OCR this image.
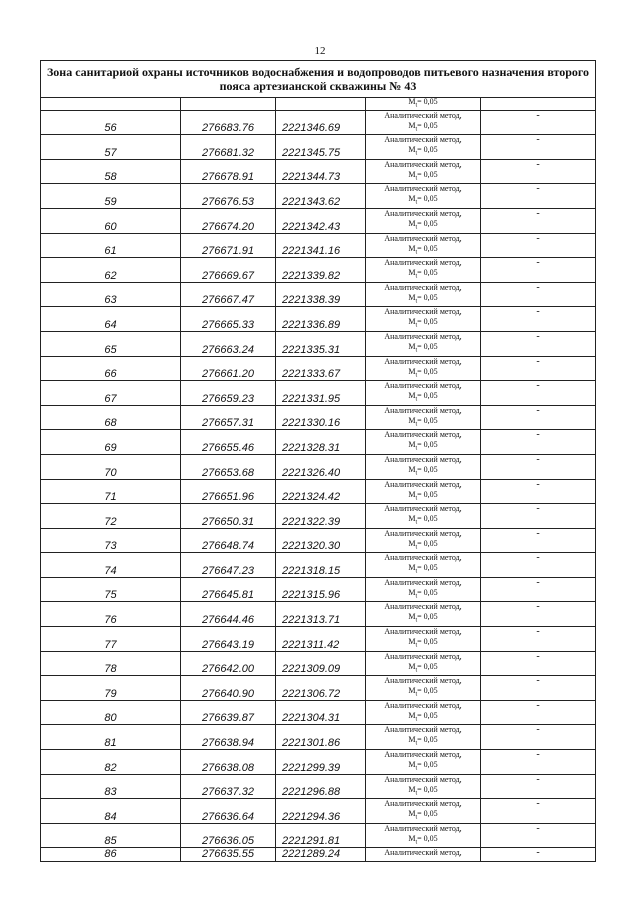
12
Зона санитариой охраны источников водоснабжения и водопроводов питьевого назначения второго пояса артезианской скважины № 43				

			$M_t= 0,05$	

56	276683.76	2221346.69	Аналитический метод,
$M_t= 0,05$	-
57	276681.32	2221345.75	Аналитический метод,
$M_t= 0,05$	-
58	276678.91	2221344.73	Аналитический метод,
$M_t= 0,05$	-
59	276676.53	2221343.62	Аналитический метод,
$M_t= 0,05$	-
60	276674.20	2221342.43	Аналитический метод,
$M_t= 0,05$	-
61	276671.91	2221341.16	Аналитический метод,
$M_t= 0,05$	-
62	276669.67	2221339.82	Аналитический метод,
$M_t= 0,05$	-
63	276667.47	2221338.39	Аналитический метод,
$M_t= 0,05$	-
64	276665.33	2221336.89	Аналитический метод,
$M_t= 0,05$	-
65	276663.24	2221335.31	Аналитический метод,
$M_t= 0,05$	-
66	276661.20	2221333.67	Аналитический метод,
$M_t= 0,05$	-
67	276659.23	2221331.95	Аналитический метод,
$M_t= 0,05$	-
68	276657.31	2221330.16	Аналитический метод,
$M_t= 0,05$	-
69	276655.46	2221328.31	Аналитический метод,
$M_t= 0,05$	-
70	276653.68	2221326.40	Аналитический метод,
$M_t= 0,05$	-
71	276651.96	2221324.42	Аналитический метод,
$M_t= 0,05$	-
72	276650.31	2221322.39	Аналитический метод,
$M_t= 0,05$	-
73	276648.74	2221320.30	Аналитический метод,
$M_t= 0,05$	-
74	276647.23	2221318.15	Аналитический метод,
$M_t= 0,05$	-
75	276645.81	2221315.96	Аналитический метод,
$M_t= 0,05$	-
76	276644.46	2221313.71	Аналитический метод,
$M_t= 0,05$	-
77	276643.19	2221311.42	Аналитический метод,
$M_t= 0,05$	-
78	276642.00	2221309.09	Аналитический метод,
$M_t= 0,05$	-
79	276640.90	2221306.72	Аналитический метод,
$M_t= 0,05$	-
80	276639.87	2221304.31	Аналитический метод,
$M_t= 0,05$	-
81	276638.94	2221301.86	Аналитический метод,
$M_t= 0,05$	-
82	276638.08	2221299.39	Аналитический метод,
$M_t= 0,05$	-
83	276637.32	2221296.88	Аналитический метод,
$M_t= 0,05$	-
84	276636.64	2221294.36	Аналитический метод,
$M_t= 0,05$	-
85	276636.05	2221291.81	Аналитический метод,
$M_t= 0,05$	-
86	276635.55	2221289.24	Аналитический метод,	-
